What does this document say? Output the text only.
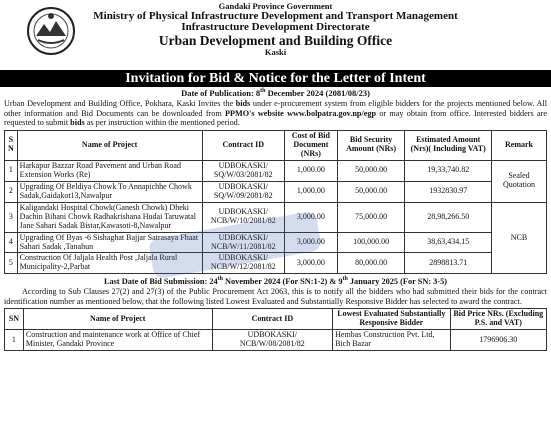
Gandaki Province Government

Ministry of Physical Infrastructure Development and Transport Management

Infrastructure Development Directorate

Urban Development and Building Office

Kaski

Invitation for Bid & Notice for the Letter of Intent
Date of Publication: 8th December 2024 (2081/08/23)
Urban Development and Building Office, Pokhara, Kaski Invites the bids under e-procurement system from eligible bidders for the projects mentioned below. All other information and Bid Documents can be downloaded from PPMO's website www.bolpatra.gov.np/egp or may obtain from office. Interested bidders are requested to submit bids as per instruction within the mentioned period.
S N	Name of Project	Contract ID	Cost of Bid Document (NRs)	Bid Security Amount (NRs)	Estimated Amount (Nrs)( Including VAT)	Remark
1	Harkapur Bazzar Road Pavement and Urban Road Extension Works (Re)	UDBOKASKI/ SQ/W/03/2081/82	1,000.00	50,000.00	19,33,740.82	Sealed Quotation
2	Upgrading Of Beldiya Chowk To Annapichhe Chowk Sadak,Gaidakot13,Nawalpur	UDBOKASKI/ SQ/W/09/2081/82	1,000.00	50,000.00	1932830.97	
3	Kaligandaki Hospital Chowk(Ganesh Chowk) Dheki Dachin Bihani Chowk Radhakrishana Hudai Taruwatal Jane Sahari Sadak Bistar,Kawasoti-8,Nawalpur	UDBOKASKI/ NCB/W/10/2081/82	3,000.00	75,000.00	28,98,266.50	NCB
4	Upgrading Of Byas -6 Sishaghat Bajjar Satrasaya Fhaat Sahari Sadak ,Tanahun	UDBOKASKI/ NCB/W/11/2081/82	3,000.00	100,000.00	38,63,434.15	
5	Construction Of Jaljala Health Post ,Jaljala Rural Municipality-2,Parbat	UDBOKASKI/ NCB/W/12/2081/82	3,000.00	80,000.00	2898813.71	
Last Date of Bid Submission: 24th November 2024 (For SN:1-2) & 9th January 2025 (For SN: 3-5)

According to Sub Clauses 27(2) and 27(3) of the Public Procurement Act 2063, this is to notify all the bidders who had submitted their bids for the contract identification number as mentioned below, that the following listed Lowest Evaluated and Substantially Responsive Bidder has selected to award the contract.

SN	Name of Project	Contract ID	Lowest Evaluated Substantially Responsive Bidder	Bid Price NRs. (Excluding P.S. and VAT)
1	Construction and maintenance work at Office of Chief Minister, Gandaki Province	UDBOKASKI/ NCB/W/08/2081/82	Hembas Construction Pvt. Ltd, Bich Bazar	1796906.30
